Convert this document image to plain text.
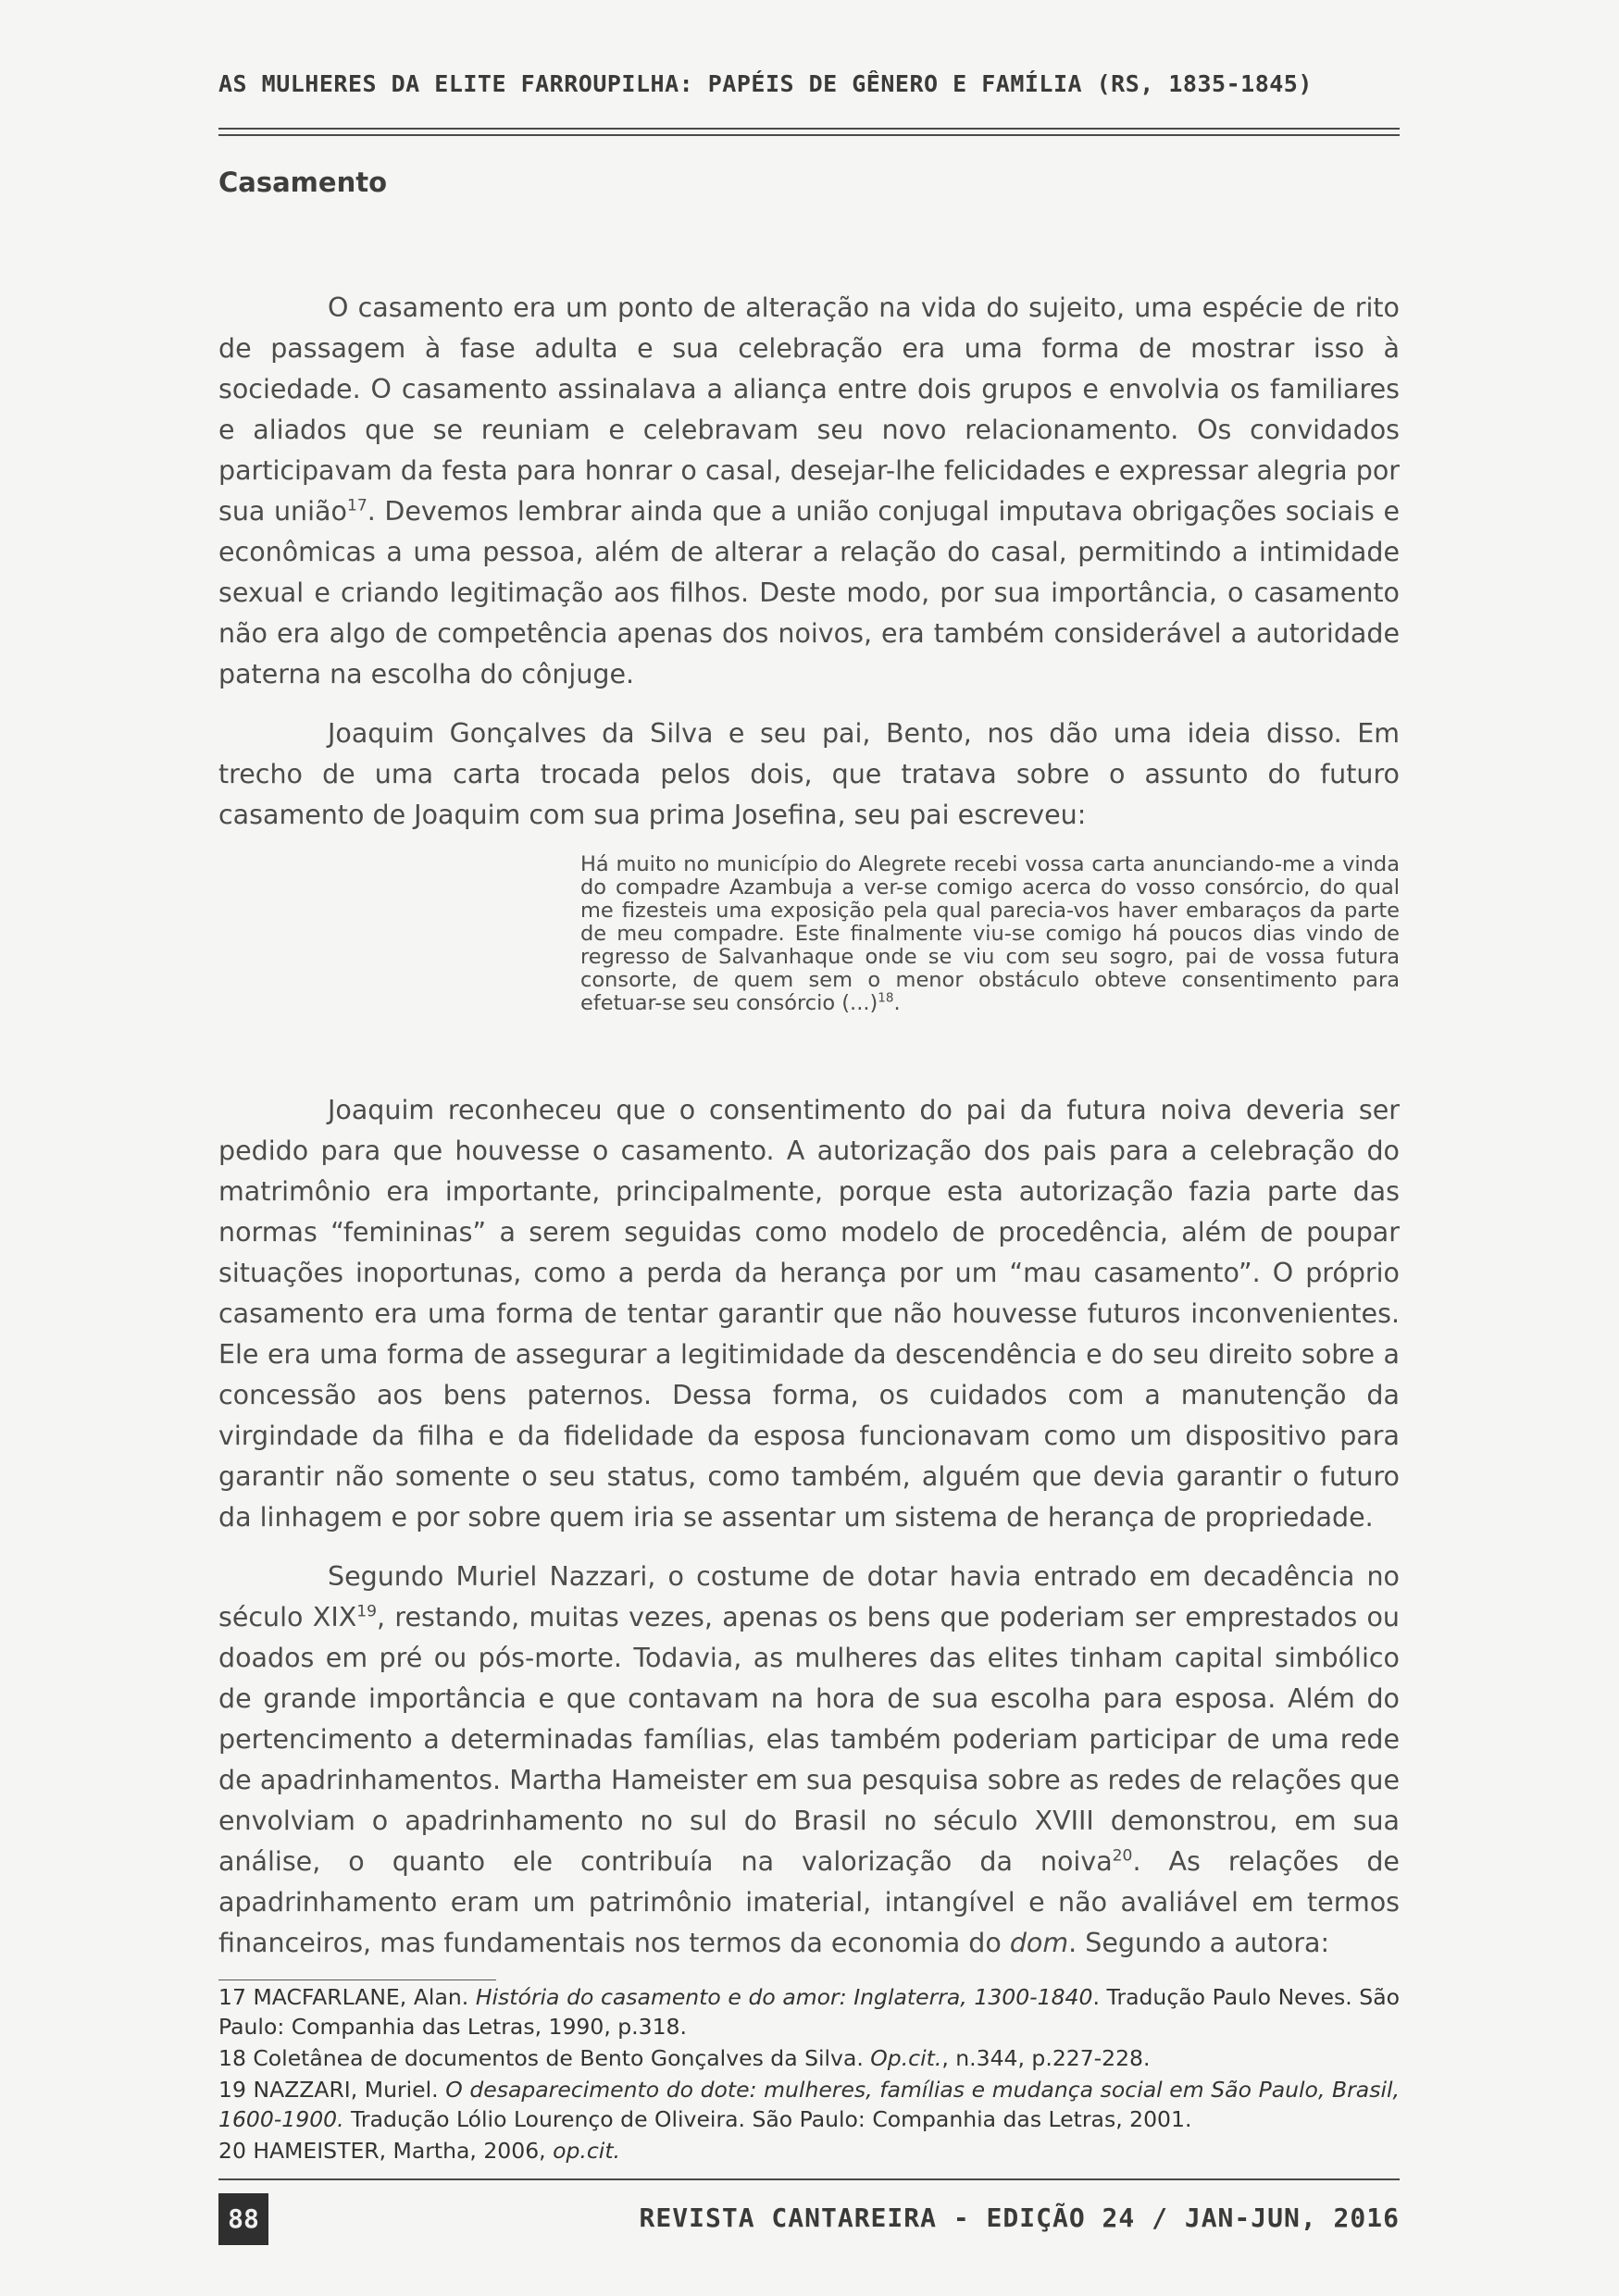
AS MULHERES DA ELITE FARROUPILHA: PAPÉIS DE GÊNERO E FAMÍLIA (RS, 1835-1845)
Casamento

O casamento era um ponto de alteração na vida do sujeito, uma espécie de rito de passagem à fase adulta e sua celebração era uma forma de mostrar isso à sociedade. O casamento assinalava a aliança entre dois grupos e envolvia os familiares e aliados que se reuniam e celebravam seu novo relacionamento. Os convidados participavam da festa para honrar o casal, desejar-lhe felicidades e expressar alegria por sua união$^{17}$. Devemos lembrar ainda que a união conjugal imputava obrigações sociais e econômicas a uma pessoa, além de alterar a relação do casal, permitindo a intimidade sexual e criando legitimação aos filhos. Deste modo, por sua importância, o casamento não era algo de competência apenas dos noivos, era também considerável a autoridade paterna na escolha do cônjuge.

Joaquim Gonçalves da Silva e seu pai, Bento, nos dão uma ideia disso. Em trecho de uma carta trocada pelos dois, que tratava sobre o assunto do futuro casamento de Joaquim com sua prima Josefina, seu pai escreveu:

Há muito no município do Alegrete recebi vossa carta anunciando-me a vinda do compadre Azambuja a ver-se comigo acerca do vosso consórcio, do qual me fizesteis uma exposição pela qual parecia-vos haver embaraços da parte de meu compadre. Este finalmente viu-se comigo há poucos dias vindo de regresso de Salvanhaque onde se viu com seu sogro, pai de vossa futura consorte, de quem sem o menor obstáculo obteve consentimento para efetuar-se seu consórcio (...)$^{18}$.

Joaquim reconheceu que o consentimento do pai da futura noiva deveria ser pedido para que houvesse o casamento. A autorização dos pais para a celebração do matrimônio era importante, principalmente, porque esta autorização fazia parte das normas “femininas” a serem seguidas como modelo de procedência, além de poupar situações inoportunas, como a perda da herança por um “mau casamento”. O próprio casamento era uma forma de tentar garantir que não houvesse futuros inconvenientes. Ele era uma forma de assegurar a legitimidade da descendência e do seu direito sobre a concessão aos bens paternos. Dessa forma, os cuidados com a manutenção da virgindade da filha e da fidelidade da esposa funcionavam como um dispositivo para garantir não somente o seu status, como também, alguém que devia garantir o futuro da linhagem e por sobre quem iria se assentar um sistema de herança de propriedade.

Segundo Muriel Nazzari, o costume de dotar havia entrado em decadência no século XIX$^{19}$, restando, muitas vezes, apenas os bens que poderiam ser emprestados ou doados em pré ou pós-morte. Todavia, as mulheres das elites tinham capital simbólico de grande importância e que contavam na hora de sua escolha para esposa. Além do pertencimento a determinadas famílias, elas também poderiam participar de uma rede de apadrinhamentos. Martha Hameister em sua pesquisa sobre as redes de relações que envolviam o apadrinhamento no sul do Brasil no século XVIII demonstrou, em sua análise, o quanto ele contribuía na valorização da noiva$^{20}$. As relações de apadrinhamento eram um patrimônio imaterial, intangível e não avaliável em termos financeiros, mas fundamentais nos termos da economia do dom. Segundo a autora:

17 MACFARLANE, Alan. História do casamento e do amor: Inglaterra, 1300-1840. Tradução Paulo Neves. São Paulo: Companhia das Letras, 1990, p.318.
18 Coletânea de documentos de Bento Gonçalves da Silva. Op.cit., n.344, p.227-228.
19 NAZZARI, Muriel. O desaparecimento do dote: mulheres, famílias e mudança social em São Paulo, Brasil, 1600-1900. Tradução Lólio Lourenço de Oliveira. São Paulo: Companhia das Letras, 2001.
20 HAMEISTER, Martha, 2006, op.cit.
88	REVISTA CANTAREIRA - EDIÇÃO 24 / JAN-JUN, 2016
